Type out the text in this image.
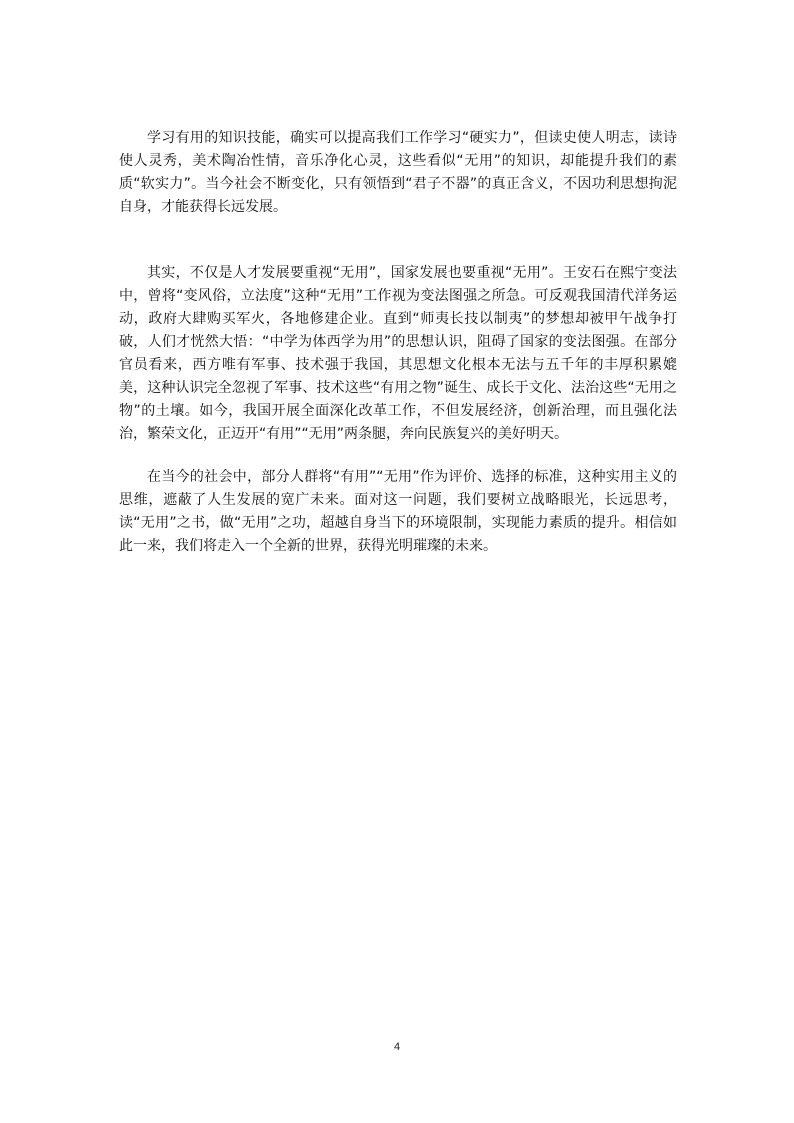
学习有用的知识技能，确实可以提高我们工作学习“硬实力”，但读史使人明志，读诗使人灵秀，美术陶冶性情，音乐净化心灵，这些看似“无用”的知识，却能提升我们的素质“软实力”。当今社会不断变化，只有领悟到“君子不器”的真正含义，不因功利思想拘泥自身，才能获得长远发展。

其实，不仅是人才发展要重视“无用”，国家发展也要重视“无用”。王安石在熙宁变法中，曾将“变风俗，立法度”这种“无用”工作视为变法图强之所急。可反观我国清代洋务运动，政府大肆购买军火，各地修建企业。直到“师夷长技以制夷”的梦想却被甲午战争打破，人们才恍然大悟：“中学为体西学为用”的思想认识，阻碍了国家的变法图强。在部分官员看来，西方唯有军事、技术强于我国，其思想文化根本无法与五千年的丰厚积累媲美，这种认识完全忽视了军事、技术这些“有用之物”诞生、成长于文化、法治这些“无用之物”的土壤。如今，我国开展全面深化改革工作，不但发展经济，创新治理，而且强化法治，繁荣文化，正迈开“有用”“无用”两条腿，奔向民族复兴的美好明天。

在当今的社会中，部分人群将“有用”“无用”作为评价、选择的标准，这种实用主义的思维，遮蔽了人生发展的宽广未来。面对这一问题，我们要树立战略眼光，长远思考，读“无用”之书，做“无用”之功，超越自身当下的环境限制，实现能力素质的提升。相信如此一来，我们将走入一个全新的世界，获得光明璀璨的未来。

4
